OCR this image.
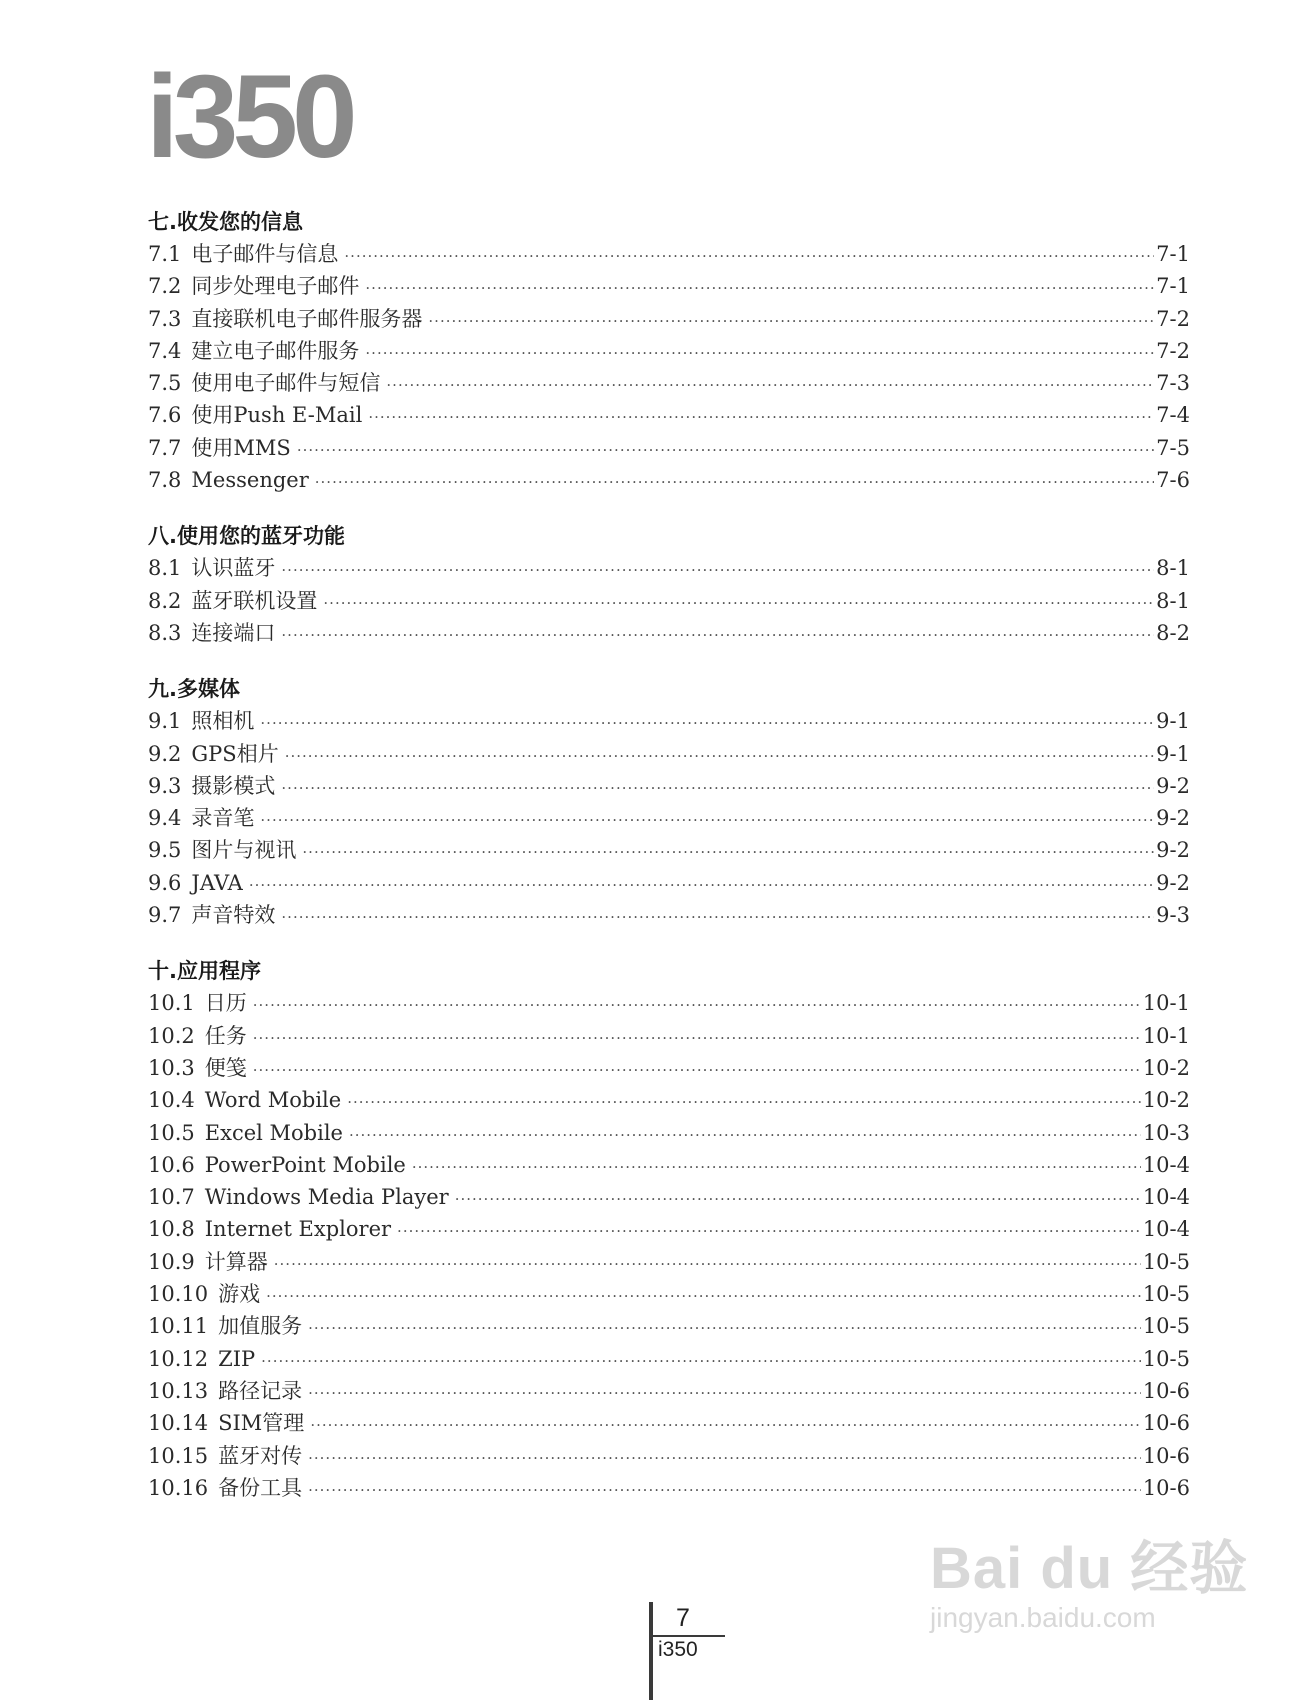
i350
七.收发您的信息
7.1 电子邮件与信息 ·····	7-1
7.2 同步处理电子邮件 ·····	7-1
7.3 直接联机电子邮件服务器 ·····	7-2
7.4 建立电子邮件服务 ·····	7-2
7.5 使用电子邮件与短信 ·····	7-3
7.6 使用Push E-Mail ·····	7-4
7.7 使用MMS ·····	7-5
7.8 Messenger ·····	7-6
八.使用您的蓝牙功能
8.1 认识蓝牙 ·····	8-1
8.2 蓝牙联机设置 ·····	8-1
8.3 连接端口 ·····	8-2
九.多媒体
9.1 照相机 ·····	9-1
9.2 GPS相片 ·····	9-1
9.3 摄影模式 ·····	9-2
9.4 录音笔 ·····	9-2
9.5 图片与视讯 ·····	9-2
9.6 JAVA ·····	9-2
9.7 声音特效 ·····	9-3
十.应用程序
10.1 日历 ·····	10-1
10.2 任务 ·····	10-1
10.3 便笺 ·····	10-2
10.4 Word Mobile ·····	10-2
10.5 Excel Mobile ·····	10-3
10.6 PowerPoint Mobile ·····	10-4
10.7 Windows Media Player ·····	10-4
10.8 Internet Explorer ·····	10-4
10.9 计算器 ·····	10-5
10.10 游戏 ·····	10-5
10.11 加值服务 ·····	10-5
10.12 ZIP ·····	10-5
10.13 路径记录 ·····	10-6
10.14 SIM管理 ·····	10-6
10.15 蓝牙对传 ·····	10-6
10.16 备份工具 ·····	10-6
7
i350
Bai du 经验
jingyan.baidu.com
